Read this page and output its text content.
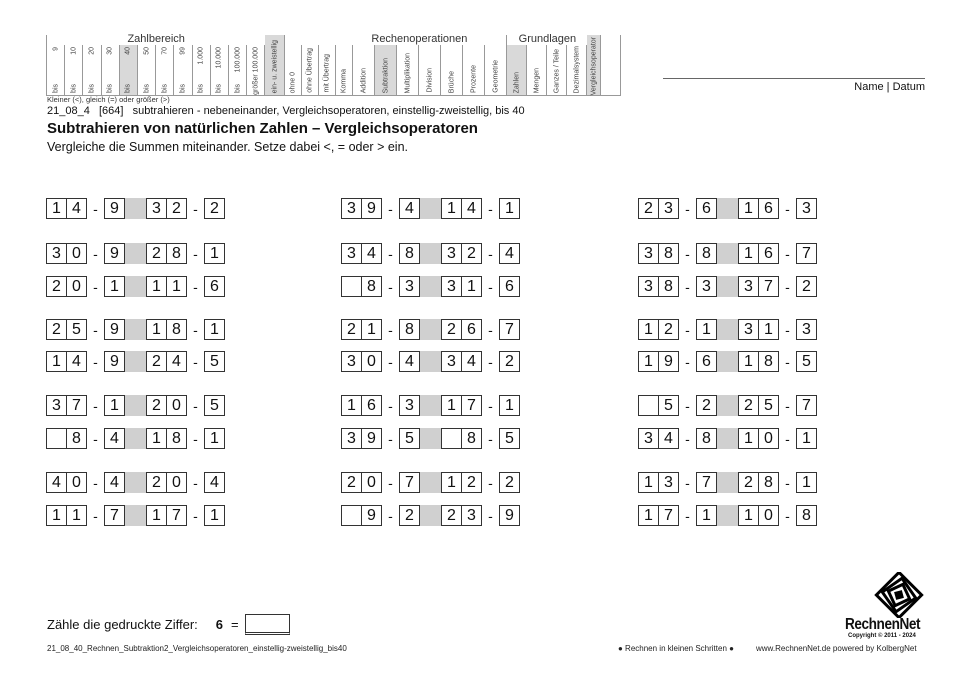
9
bis
10
bis
20
bis
30
bis
40
bis
50
bis
70
bis
99
bis
1.000
bis
10.000
bis
100.000
bis größer 100.000 ein- u. zweistellig ohne 0 ohne Übertrag mit Übertrag Komma Addition Subtraktion Multiplikation Division Brüche Prozente Geometrie Zahlen Mengen Ganzes / Teile Dezimalsystem Vergleichsoperator
Zahlbereich	Rechenoperationen	Grundlagen
Name | Datum
Kleiner (<), gleich (=) oder größer (>)
21_08_4 [664] subtrahieren - nebeneinander, Vergleichsoperatoren, einstellig-zweistellig, bis 40
Subtrahieren von natürlichen Zahlen – Vergleichsoperatoren
Vergleiche die Summen miteinander. Setze dabei <, = oder > ein.
1 4 - 9	3 2 - 2
3 0 - 9	2 8 - 1
2 0 - 1	1 1 - 6
2 5 - 9	1 8 - 1
1 4 - 9	2 4 - 5
3 7 - 1	2 0 - 5
8 - 4	1 8 - 1
4 0 - 4	2 0 - 4
1 1 - 7	1 7 - 1
3 9 - 4	1 4 - 1
3 4 - 8	3 2 - 4
8 - 3	3 1 - 6
2 1 - 8	2 6 - 7
3 0 - 4	3 4 - 2
1 6 - 3	1 7 - 1
3 9 - 5	8 - 5
2 0 - 7	1 2 - 2
9 - 2	2 3 - 9
2 3 - 6	1 6 - 3
3 8 - 8	1 6 - 7
3 8 - 3	3 7 - 2
1 2 - 1	3 1 - 3
1 9 - 6	1 8 - 5
5 - 2	2 5 - 7
3 4 - 8	1 0 - 1
1 3 - 7	2 8 - 1
1 7 - 1	1 0 - 8
Zähle die gedruckte Ziffer: 6 =
21_08_40_Rechnen_Subtraktion2_Vergleichsoperatoren_einstellig-zweistellig_bis40	● Rechnen in kleinen Schritten ●	www.RechnenNet.de powered by KolbergNet
RechnenNet
Copyright © 2011 - 2024
